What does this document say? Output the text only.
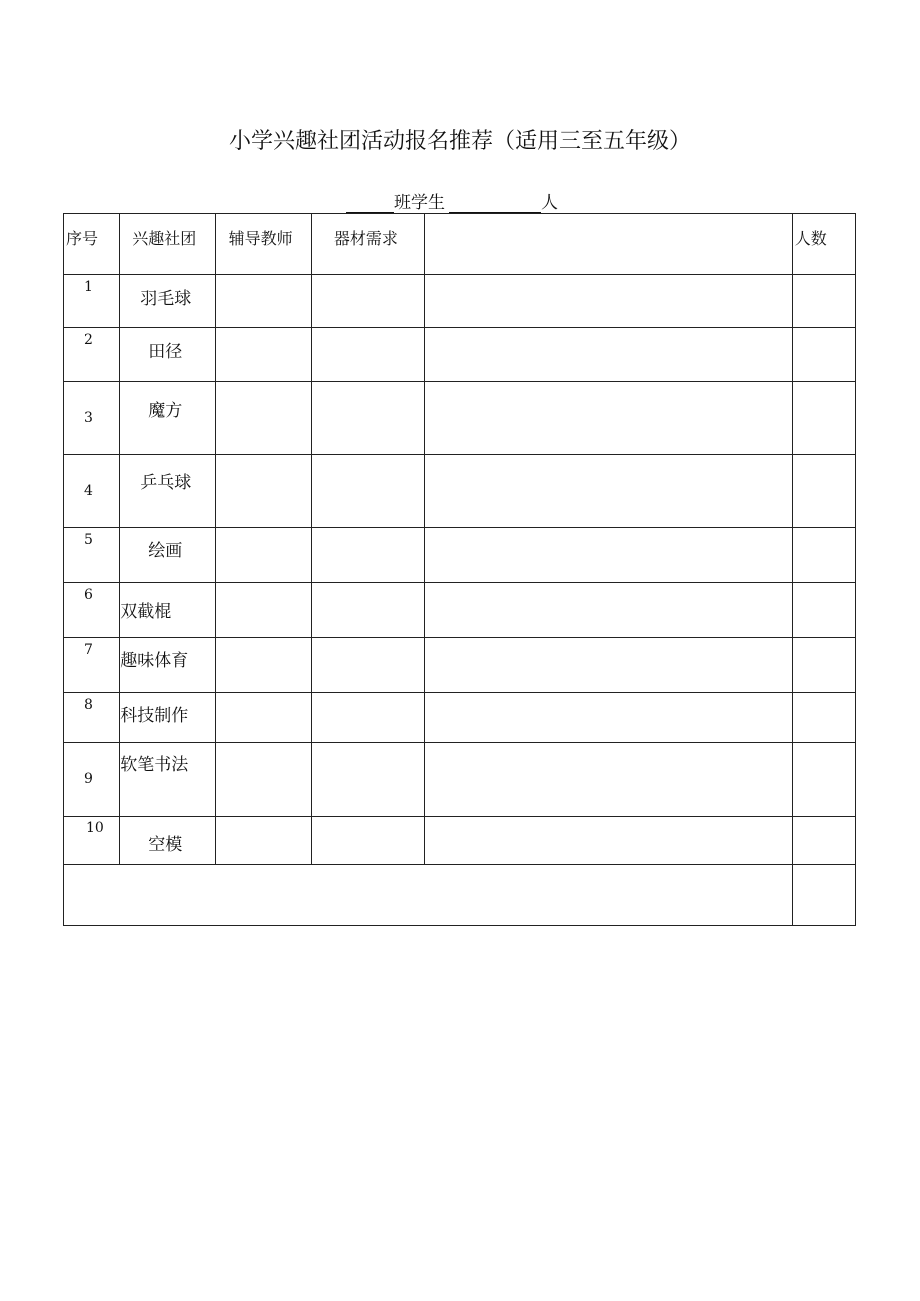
小学兴趣社团活动报名推荐（适用三至五年级）
班学生	人
序号	兴趣社团	辅导教师	器材需求		人数

1	羽毛球				

2	田径				

3	魔方				

4	乒乓球				

5	绘画				

6	双截棍				

7	趣味体育				

8	科技制作				

9	软笔书法				

10	空模				
